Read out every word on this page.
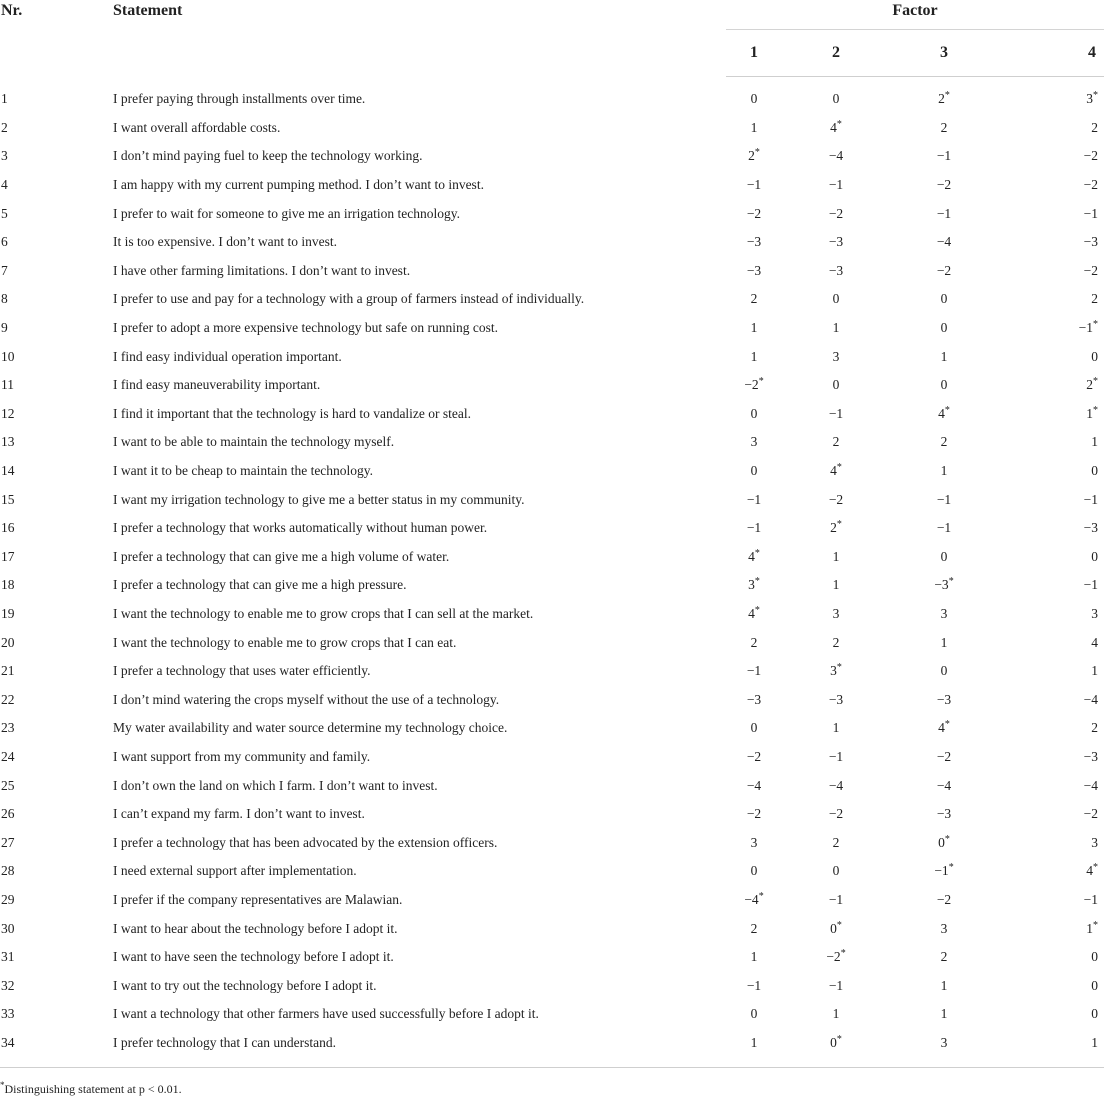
Nr.	Statement	Factor			

		1	2	3	4
1	I prefer paying through installments over time.	0	0	2*	3*
2	I want overall affordable costs.	1	4*	2	2
3	I don’t mind paying fuel to keep the technology working.	2*	−4	−1	−2
4	I am happy with my current pumping method. I don’t want to invest.	−1	−1	−2	−2
5	I prefer to wait for someone to give me an irrigation technology.	−2	−2	−1	−1
6	It is too expensive. I don’t want to invest.	−3	−3	−4	−3
7	I have other farming limitations. I don’t want to invest.	−3	−3	−2	−2
8	I prefer to use and pay for a technology with a group of farmers instead of individually.	2	0	0	2
9	I prefer to adopt a more expensive technology but safe on running cost.	1	1	0	−1*
10	I find easy individual operation important.	1	3	1	0
11	I find easy maneuverability important.	−2*	0	0	2*
12	I find it important that the technology is hard to vandalize or steal.	0	−1	4*	1*
13	I want to be able to maintain the technology myself.	3	2	2	1
14	I want it to be cheap to maintain the technology.	0	4*	1	0
15	I want my irrigation technology to give me a better status in my community.	−1	−2	−1	−1
16	I prefer a technology that works automatically without human power.	−1	2*	−1	−3
17	I prefer a technology that can give me a high volume of water.	4*	1	0	0
18	I prefer a technology that can give me a high pressure.	3*	1	−3*	−1
19	I want the technology to enable me to grow crops that I can sell at the market.	4*	3	3	3
20	I want the technology to enable me to grow crops that I can eat.	2	2	1	4
21	I prefer a technology that uses water efficiently.	−1	3*	0	1
22	I don’t mind watering the crops myself without the use of a technology.	−3	−3	−3	−4
23	My water availability and water source determine my technology choice.	0	1	4*	2
24	I want support from my community and family.	−2	−1	−2	−3
25	I don’t own the land on which I farm. I don’t want to invest.	−4	−4	−4	−4
26	I can’t expand my farm. I don’t want to invest.	−2	−2	−3	−2
27	I prefer a technology that has been advocated by the extension officers.	3	2	0*	3
28	I need external support after implementation.	0	0	−1*	4*
29	I prefer if the company representatives are Malawian.	−4*	−1	−2	−1
30	I want to hear about the technology before I adopt it.	2	0*	3	1*
31	I want to have seen the technology before I adopt it.	1	−2*	2	0
32	I want to try out the technology before I adopt it.	−1	−1	1	0
33	I want a technology that other farmers have used successfully before I adopt it.	0	1	1	0
34	I prefer technology that I can understand.	1	0*	3	1

*Distinguishing statement at p < 0.01.
